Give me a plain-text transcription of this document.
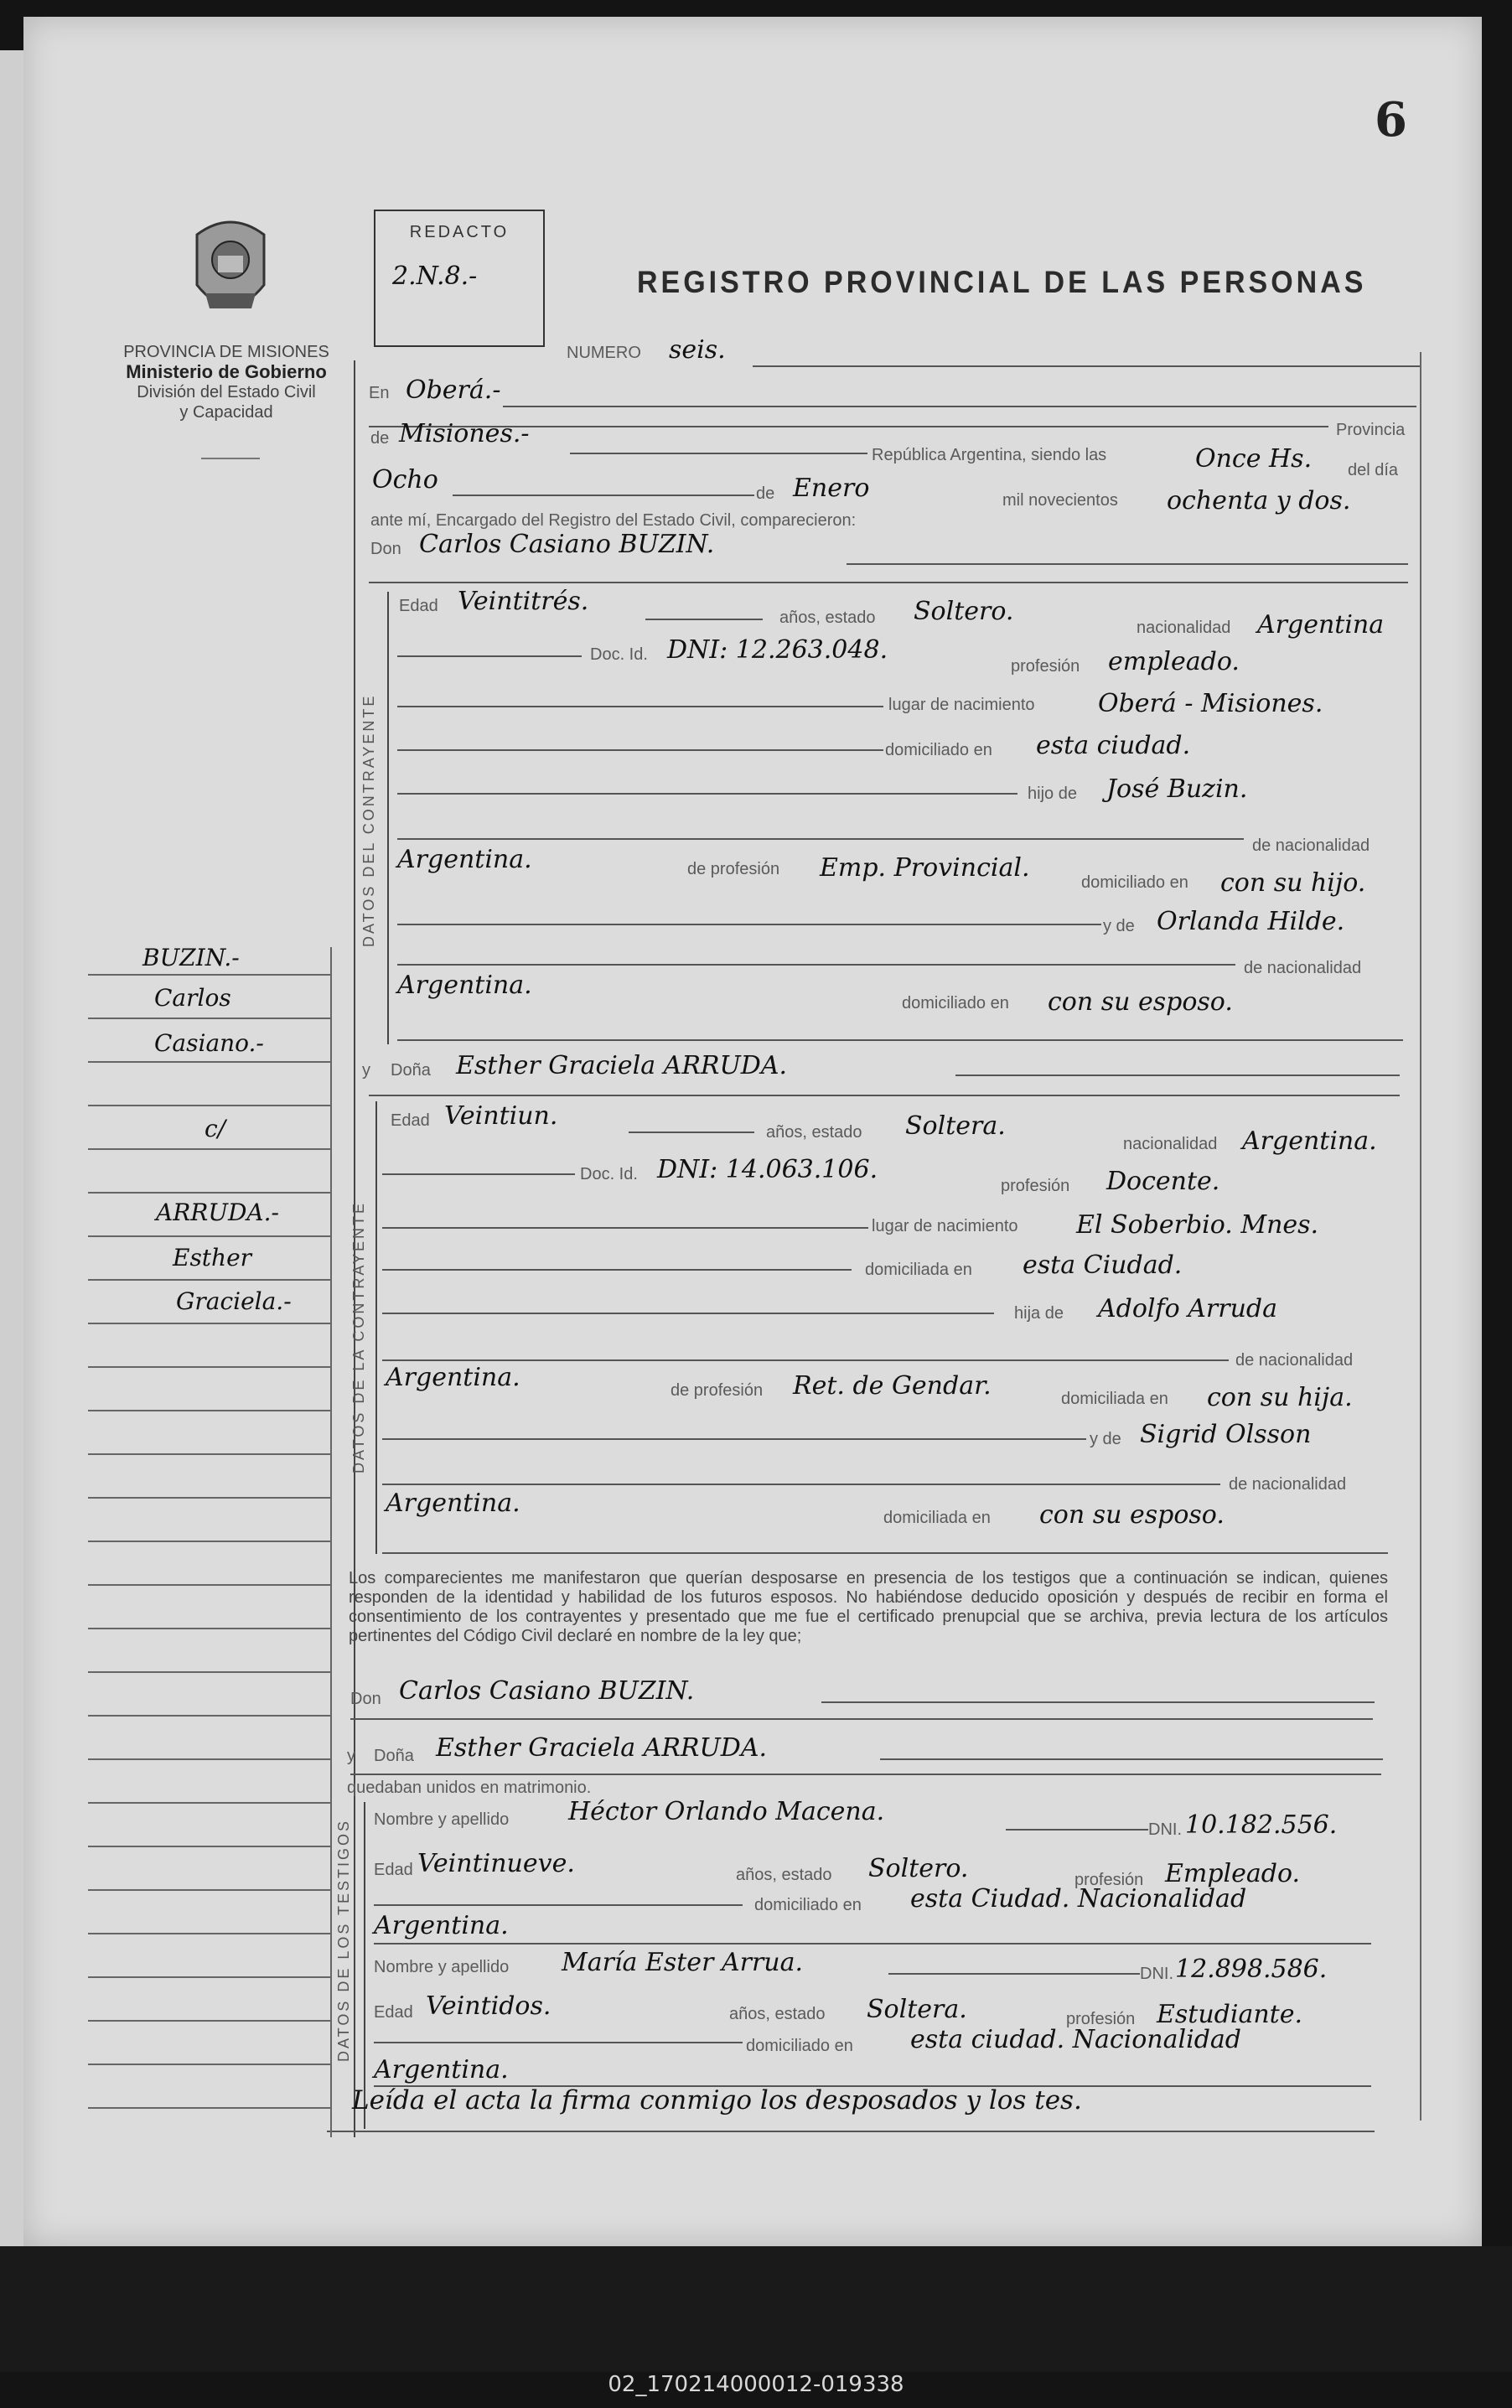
6
PROVINCIA DE MISIONES
Ministerio de Gobierno
División del Estado Civil
y Capacidad
REDACTO
2.N.8.-	REGISTRO PROVINCIAL DE LAS PERSONAS
NUMERO seis.
En Oberá.-
Provincia
de Misiones.-
República Argentina, siendo las	Once Hs. del día
Ocho	de Enero	mil novecientos ochenta y dos.
ante mí, Encargado del Registro del Estado Civil, comparecieron:
Don Carlos Casiano BUZIN.
DATOS DEL CONTRAYENTE
Edad Veintitrés.
años, estado Soltero.
nacionalidad Argentina
Doc. Id. DNI: 12.263.048.
profesión empleado.
lugar de nacimiento	Oberá - Misiones.
domiciliado en esta ciudad.
hijo de José Buzin.
de nacionalidad
Argentina.	de profesión Emp. Provincial.	domiciliado en con su hijo.
y de Orlanda Hilde.
de nacionalidad
Argentina.
domiciliado en con su esposo.
y Doña Esther Graciela ARRUDA.
DATOS DE LA CONTRAYENTE
Edad Veintiun.
años, estado Soltera.
nacionalidad Argentina.
Doc. Id. DNI: 14.063.106.
profesión Docente.
lugar de nacimiento El Soberbio. Mnes.
domiciliada en esta Ciudad.
hija de Adolfo Arruda
de nacionalidad
Argentina.	de profesión Ret. de Gendar.	domiciliada en con su hija.
y de Sigrid Olsson
de nacionalidad
Argentina.	domiciliada en con su esposo.
Los comparecientes me manifestaron que querían desposarse en presencia de los testigos que a continuación se indican, quienes responden de la identidad y habilidad de los futuros esposos. No habiéndose deducido oposición y después de recibir en forma el consentimiento de los contrayentes y presentado que me fue el certificado prenupcial que se archiva, previa lectura de los artículos pertinentes del Código Civil declaré en nombre de la ley que;
Don Carlos Casiano BUZIN.
y Doña Esther Graciela ARRUDA.
quedaban unidos en matrimonio.
DATOS DE LOS TESTIGOS Nombre y apellido Héctor Orlando Macena.
DNI. 10.182.556.
Edad Veintinueve.	años, estado Soltero.	profesión Empleado.
domiciliado en esta Ciudad. Nacionalidad
Argentina.
Nombre y apellido María Ester Arrua.	DNI. 12.898.586.
Edad Veintidos.	años, estado Soltera.	profesión Estudiante.
domiciliado en esta ciudad. Nacionalidad
Argentina.
Leída el acta la firma conmigo los desposados y los tes.
BUZIN.-
Carlos
Casiano.-
c/
ARRUDA.-
Esther
Graciela.-
02_170214000012-019338
